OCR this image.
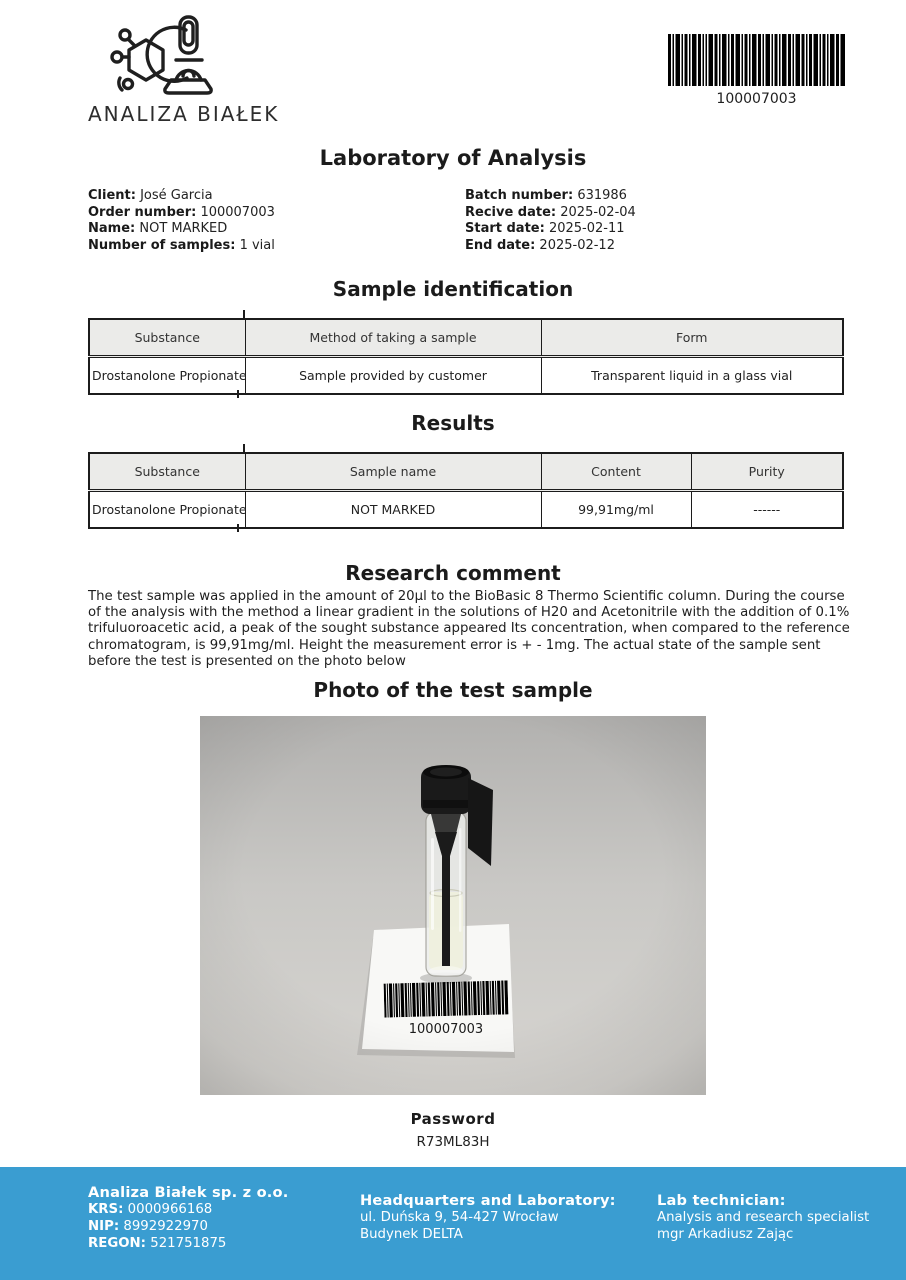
ANALIZA BIAŁEK
100007003
Laboratory of Analysis
Client: José Garcia
Order number: 100007003
Name: NOT MARKED
Number of samples: 1 vial
Batch number: 631986
Recive date: 2025-02-04
Start date: 2025-02-11
End date: 2025-02-12
Sample identification
Substance	Method of taking a sample	Form
Drostanolone Propionate	Sample provided by customer	Transparent liquid in a glass vial
Results
Substance	Sample name	Content	Purity
Drostanolone Propionate	NOT MARKED	99,91mg/ml	------
Research comment
The test sample was applied in the amount of 20µl to the BioBasic 8 Thermo Scientific column. During the course of the analysis with the method a linear gradient in the solutions of H20 and Acetonitrile with the addition of 0.1% trifuluoroacetic acid, a peak of the sought substance appeared Its concentration, when compared to the reference chromatogram, is 99,91mg/ml. Height the measurement error is + - 1mg. The actual state of the sample sent before the test is presented on the photo below
Photo of the test sample
Password
R73ML83H
Analiza Białek sp. z o.o.
KRS: 0000966168
NIP: 8992922970
REGON: 521751875
Headquarters and Laboratory:
ul. Duńska 9, 54-427 Wrocław
Budynek DELTA
Lab technician:
Analysis and research specialist
mgr Arkadiusz Zając
